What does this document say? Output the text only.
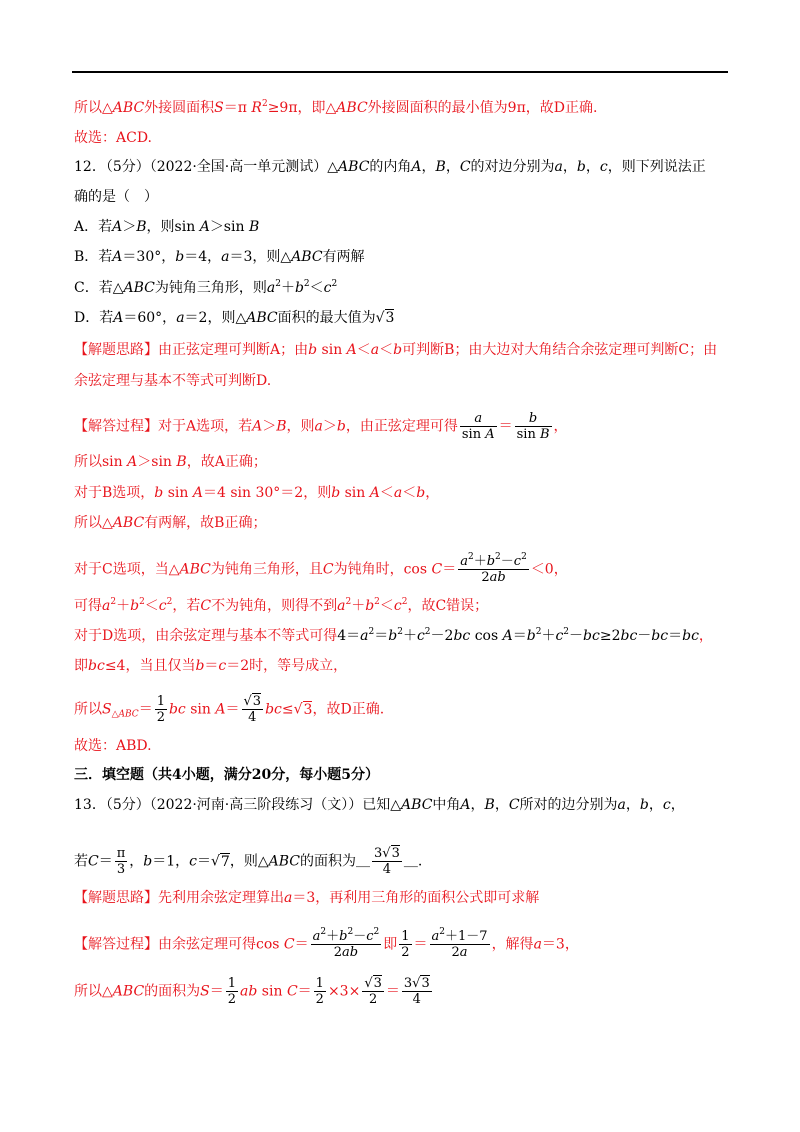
所以△ABC外接圆面积S＝π $R^2\ge 9\pi$，即△ABC外接圆面积的最小值为9π，故D正确.
故选：ACD.
12．（5分）（2022·全国·高一单元测试）△ABC的内角A，B，C的对边分别为a，b，c，则下列说法正
确的是（　）
A．若A＞B，则sin A＞sin B
B．若A＝30°，b＝4，a＝3，则△ABC有两解
C．若△ABC为钝角三角形，则$a^2+b^2<c^2$
D．若A＝60°，a＝2，则△ABC面积的最大值为√3
【解题思路】由正弦定理可判断A；由b sin A＜a＜b可判断B；由大边对大角结合余弦定理可判断C；由
余弦定理与基本不等式可判断D.
【解答过程】对于A选项，若A＞B，则a＞b，由正弦定理可得 $\frac{a}{\text{sin A}} = \frac{b}{\text{sin B}}$ ，
所以sin A＞sin B，故A正确；
对于B选项，b sin A＝4 sin 30°＝2，则b sin A＜a＜b，
所以△ABC有两解，故B正确；
对于C选项，当△ABC为钝角三角形，且C为钝角时，$\cos C= \frac{a^2+b^2-c^2}{2ab} <0$，
可得$a^2+b^2<c^2$，若C不为钝角，则得不到$a^2+b^2<c^2$，故C错误；
对于D选项，由余弦定理与基本不等式可得$4=a^2=b^2+c^2-2bc$ $\cos A=b^2+c^2-bc\ge 2bc-bc=bc$，
即bc≤4，当且仅当b＝c＝2时，等号成立，
所以$S_{\triangle ABC}= \frac{1}{2}$ bc $\sin A= \frac{√3}{4} bc\le√3$，故D正确.
故选：ABD.
三．填空题（共4小题，满分20分，每小题5分）
13．（5分）（2022·河南·高三阶段练习（文））已知△ABC中角A，B，C所对的边分别为a，b，c，
若$C= \frac{\pi}{3}$ ，b＝1，c＝√7，则△ABC的面积为＿ $\frac{3√3}{4}$ ＿.
【解题思路】先利用余弦定理算出a＝3，再利用三角形的面积公式即可求解
【解答过程】由余弦定理可得$\cos C= \frac{a^2+b^2-c^2}{2ab}$ 即 $\frac{1}{2} = \frac{a^2+1-7}{2a}$ ，解得a＝3，
所以△ABC的面积为$S= \frac{1}{2}$ ab $\sin C= \frac{1}{2} \times 3\times \frac{√3}{2} = \frac{3√3}{4}$
